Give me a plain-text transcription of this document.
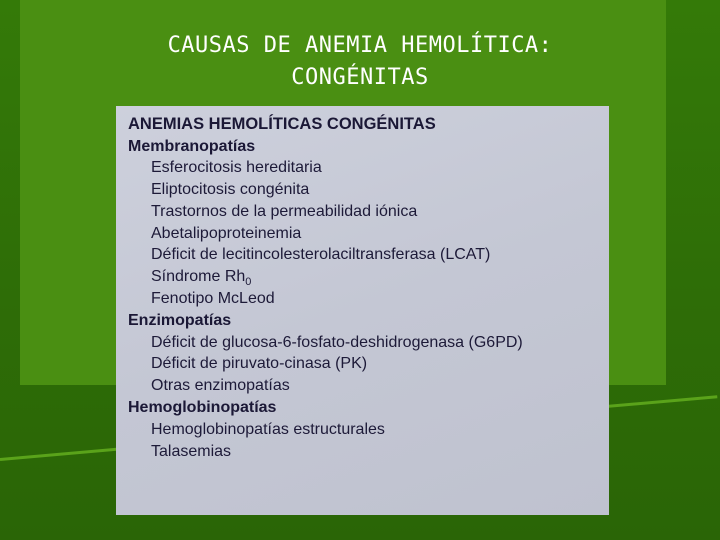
CAUSAS DE ANEMIA HEMOLÍTICA:
CONGÉNITAS
ANEMIAS HEMOLÍTICAS CONGÉNITAS
Membranopatías
Esferocitosis hereditaria
Eliptocitosis congénita
Trastornos de la permeabilidad iónica
Abetalipoproteinemia
Déficit de lecitincolesterolaciltransferasa (LCAT)
Síndrome $Rh_0$
Fenotipo McLeod
Enzimopatías
Déficit de glucosa-6-fosfato-deshidrogenasa (G6PD)
Déficit de piruvato-cinasa (PK)
Otras enzimopatías
Hemoglobinopatías
Hemoglobinopatías estructurales
Talasemias
